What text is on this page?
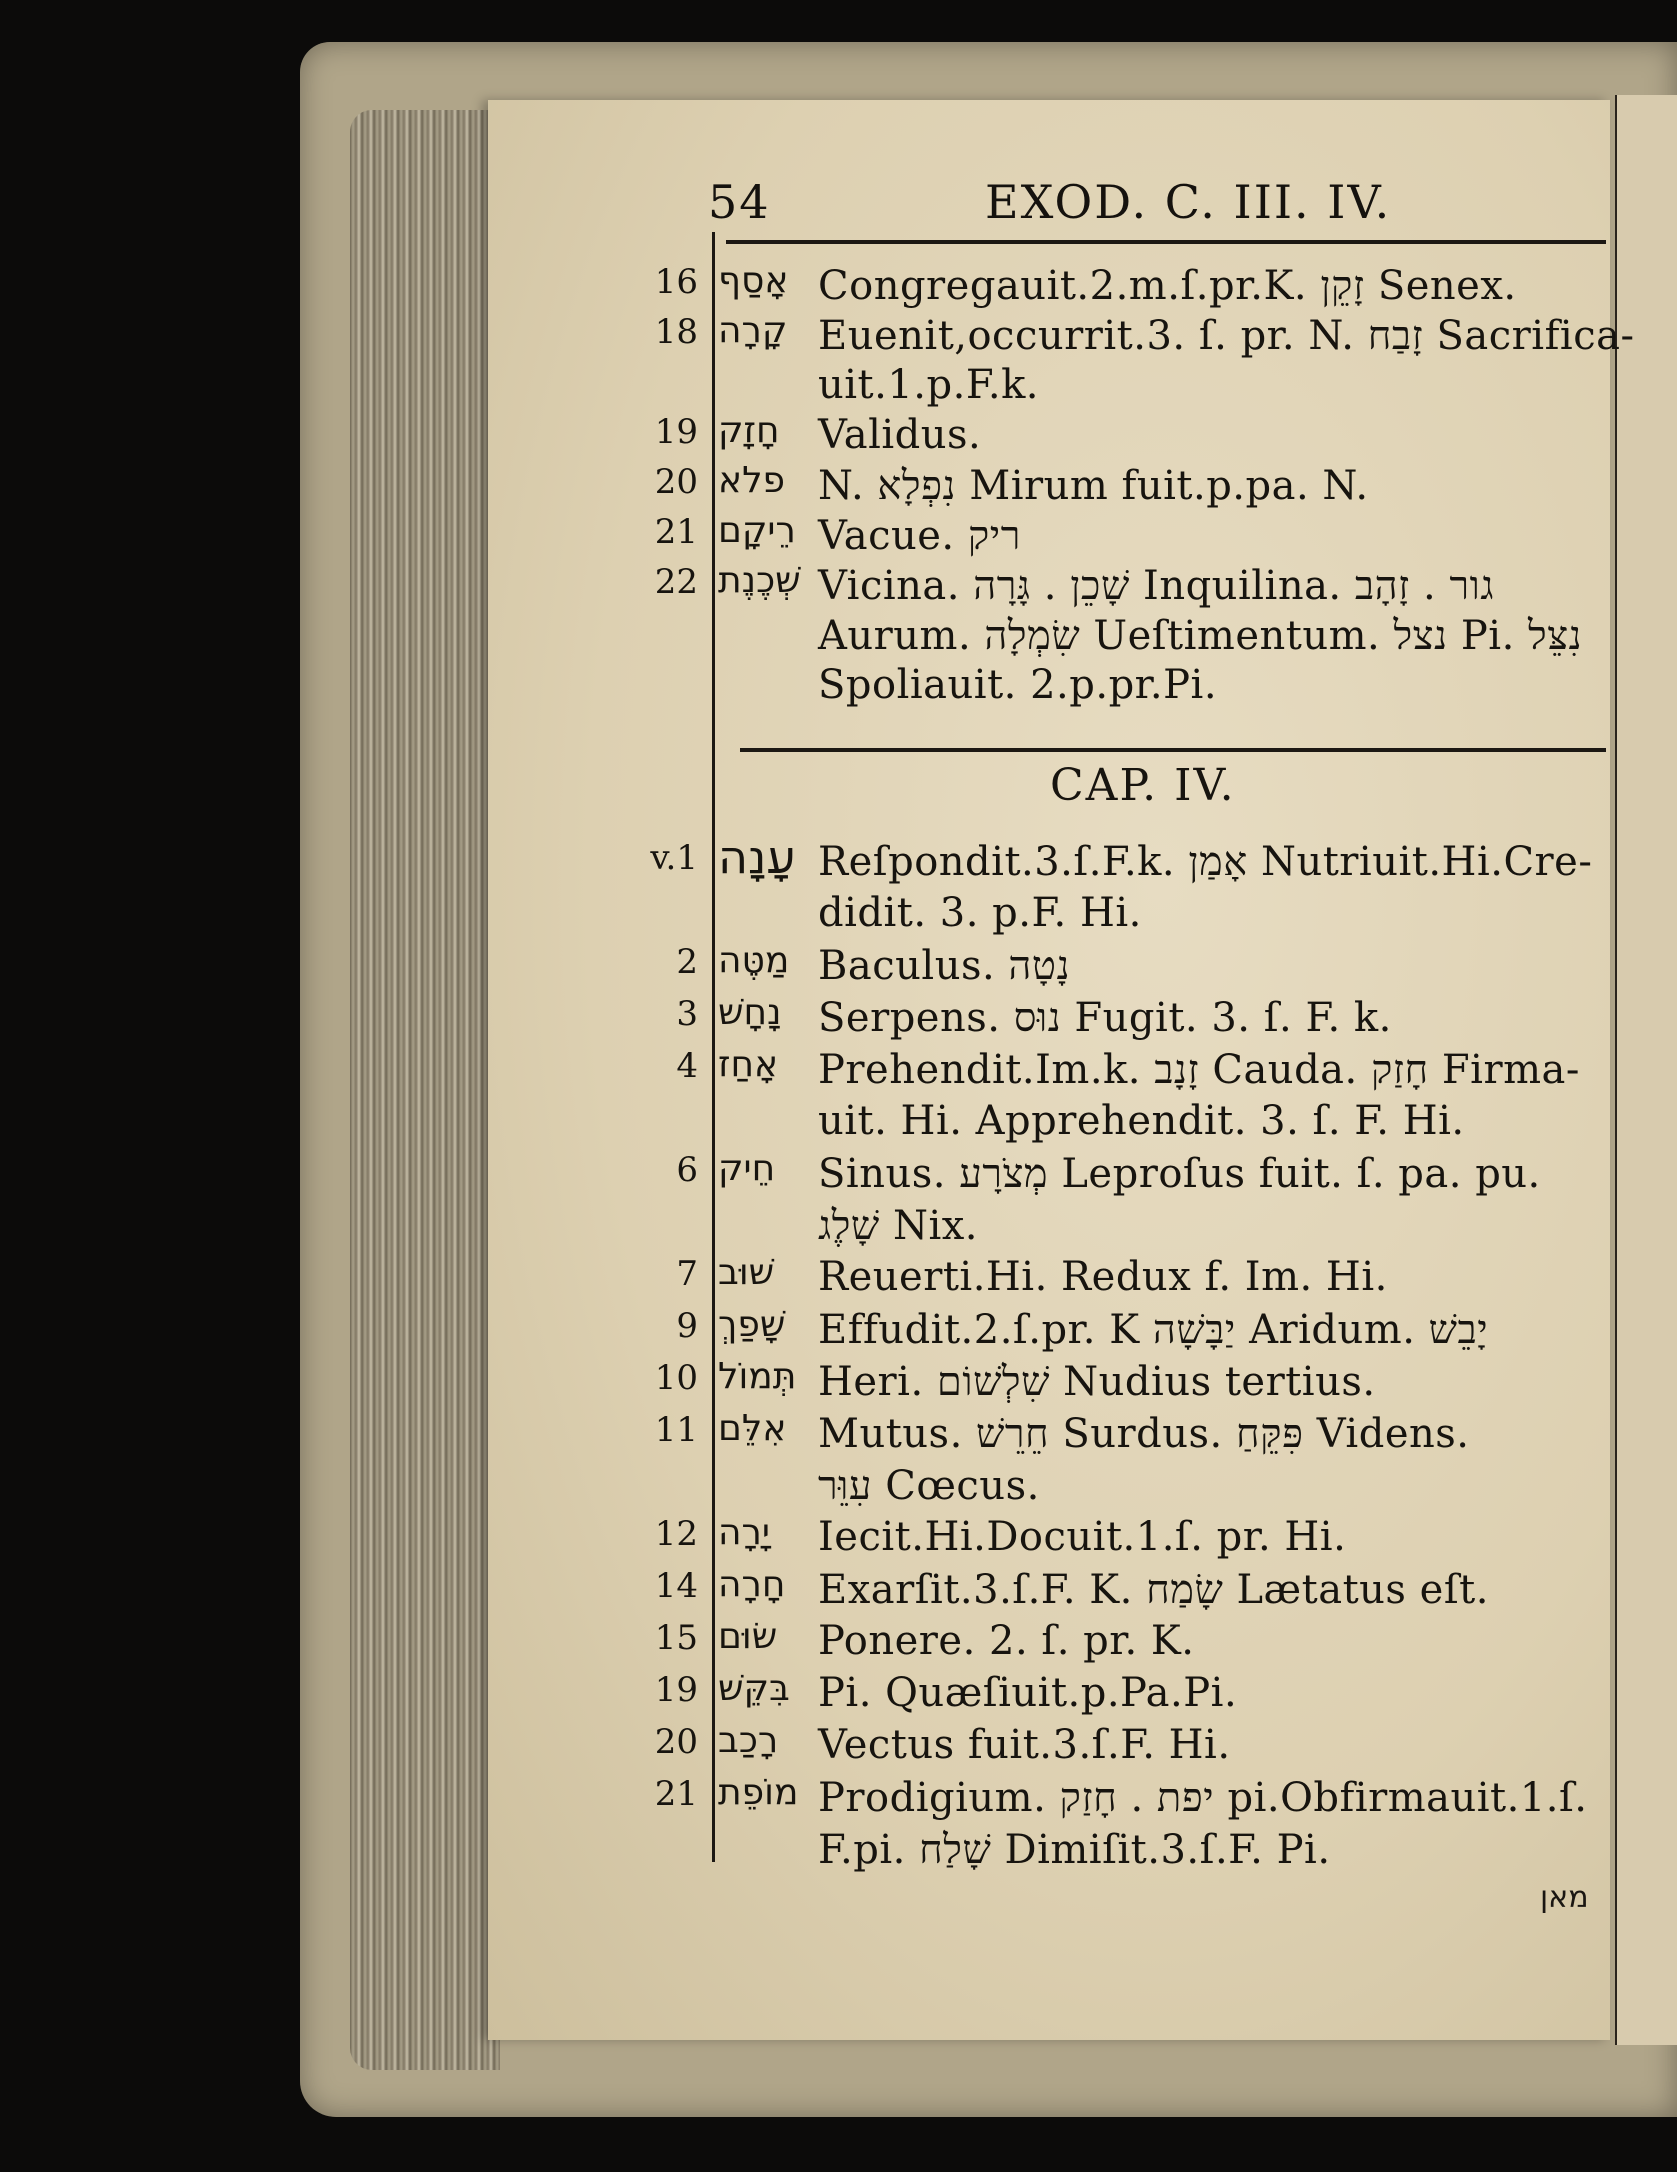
54	EXOD. C. III. IV.
16 אָסַף Congregauit.2.m.ſ.pr.K. זָקֵן Senex.
18 קָרָה Euenit,occurrit.3. ſ. pr. N. זָבַח Sacrifica-
uit.1.p.F.k.
19 חָזָק Validus.
20 פלא N. נִפְלָא Mirum fuit.p.pa. N.
21 רֵיקָם Vacue. ריק
22 שְׁכֶנֶת Vicina. שָׁכֵן . גָּרָה Inquilina. גור . זָהָב
Aurum. שִׂמְלָה Ueſtimentum. נצל Pi. נִצֵּל
Spoliauit. 2.p.pr.Pi.
CAP. IV.
v.1 עָנָה Reſpondit.3.ſ.F.k. אָמַן Nutriuit.Hi.Cre-
didit. 3. p.F. Hi.
2 מַטֶּה Baculus. נָטָה
3 נָחָשׁ Serpens. נוּס Fugit. 3. ſ. F. k.
4 אָחַז Prehendit.Im.k. זָנָב Cauda. חָזַק Firma-
uit. Hi. Apprehendit. 3. ſ. F. Hi.
6 חֵיק Sinus. מְצֹרָע Leproſus fuit. ſ. pa. pu.
שָׁלֶג Nix.
7 שׁוּב Reuerti.Hi. Redux f. Im. Hi.
9 שָׁפַךְ Effudit.2.ſ.pr. K יַבָּשָׁה Aridum. יָבֵשׁ
10 תְּמוֹל Heri. שִׁלְשׁוֹם Nudius tertius.
11 אִלֵּם Mutus. חֵרֵשׁ Surdus. פִּקֵּחַ Videns.
עִוֵּר Cœcus.
12 יָרָה Iecit.Hi.Docuit.1.ſ. pr. Hi.
14 חָרָה Exarſit.3.ſ.F. K. שָׂמַח Lætatus eſt.
15 שׂוּם Ponere. 2. ſ. pr. K.
19 בִּקֵּשׁ Pi. Quæſiuit.p.Pa.Pi.
20 רָכַב Vectus fuit.3.ſ.F. Hi.
21 מוֹפֵת Prodigium. יפת . חָזַק pi.Obfirmauit.1.ſ.
F.pi. שָׁלַח Dimiſit.3.ſ.F. Pi.
מאן
